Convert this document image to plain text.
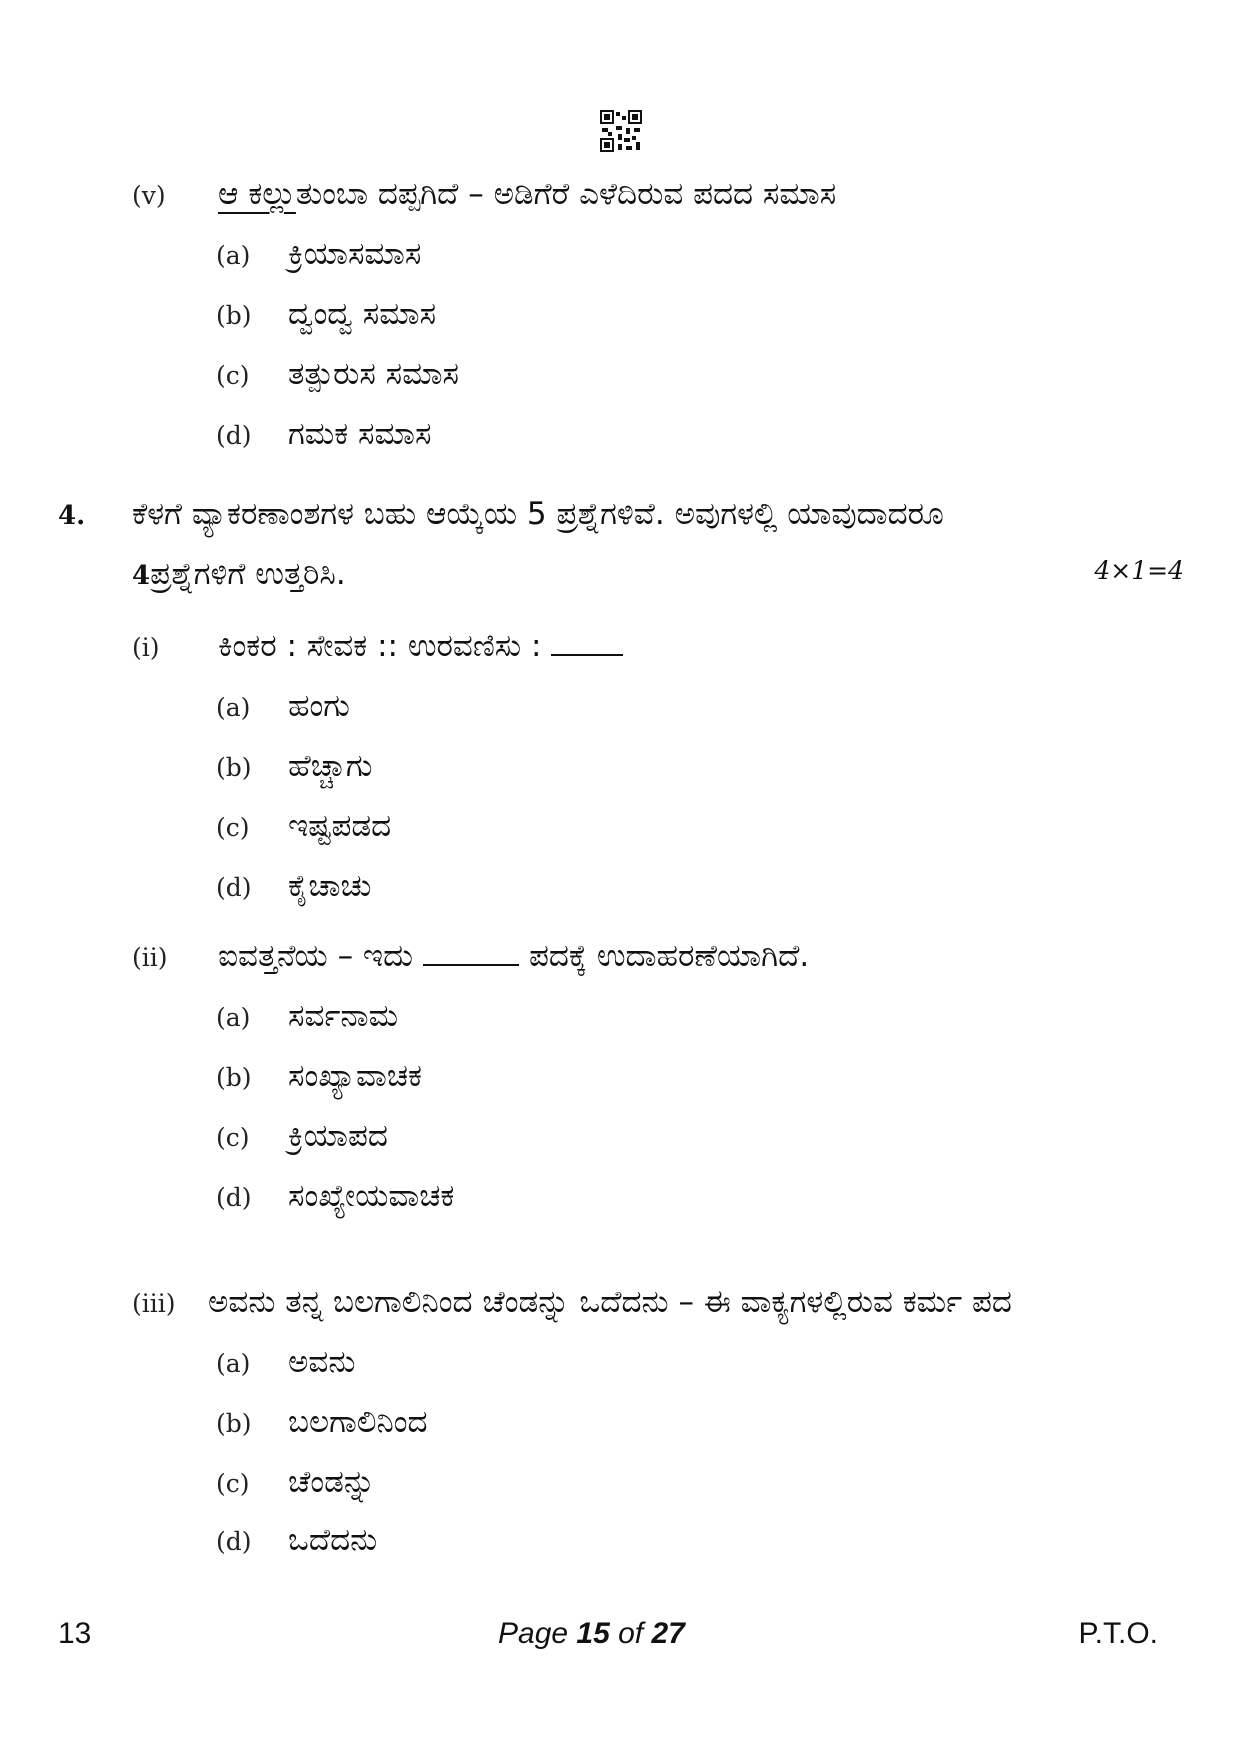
(v)	ಆ ಕಲ್ಲು ತುಂಬಾ ದಪ್ಪಗಿದೆ – ಅಡಿಗೆರೆ ಎಳೆದಿರುವ ಪದದ ಸಮಾಸ
(a)	ಕ್ರಿಯಾಸಮಾಸ
(b)	ದ್ವಂದ್ವ ಸಮಾಸ
(c)	ತತ್ಪುರುಸ ಸಮಾಸ
(d)	ಗಮಕ ಸಮಾಸ
4.	ಕೆಳಗೆ ವ್ಯಾಕರಣಾಂಶಗಳ ಬಹು ಆಯ್ಕೆಯ 5 ಪ್ರಶ್ನೆಗಳಿವೆ. ಅವುಗಳಲ್ಲಿ ಯಾವುದಾದರೂ
4 ಪ್ರಶ್ನೆಗಳಿಗೆ ಉತ್ತರಿಸಿ.	4×1=4
(i)	ಕಿಂಕರ : ಸೇವಕ :: ಉರವಣಿಸು :
(a)	ಹಂಗು
(b)	ಹೆಚ್ಚಾಗು
(c)	ಇಷ್ಟಪಡದ
(d)	ಕೈಚಾಚು
(ii)	ಐವತ್ತನೆಯ – ಇದು	ಪದಕ್ಕೆ ಉದಾಹರಣೆಯಾಗಿದೆ.
(a)	ಸರ್ವನಾಮ
(b)	ಸಂಖ್ಯಾವಾಚಕ
(c)	ಕ್ರಿಯಾಪದ
(d)	ಸಂಖ್ಯೇಯವಾಚಕ
(iii)	ಅವನು ತನ್ನ ಬಲಗಾಲಿನಿಂದ ಚೆಂಡನ್ನು ಒದೆದನು – ಈ ವಾಕ್ಯಗಳಲ್ಲಿರುವ ಕರ್ಮ ಪದ
(a)	ಅವನು
(b)	ಬಲಗಾಲಿನಿಂದ
(c)	ಚೆಂಡನ್ನು
(d)	ಒದೆದನು
13	Page 15 of 27	P.T.O.
